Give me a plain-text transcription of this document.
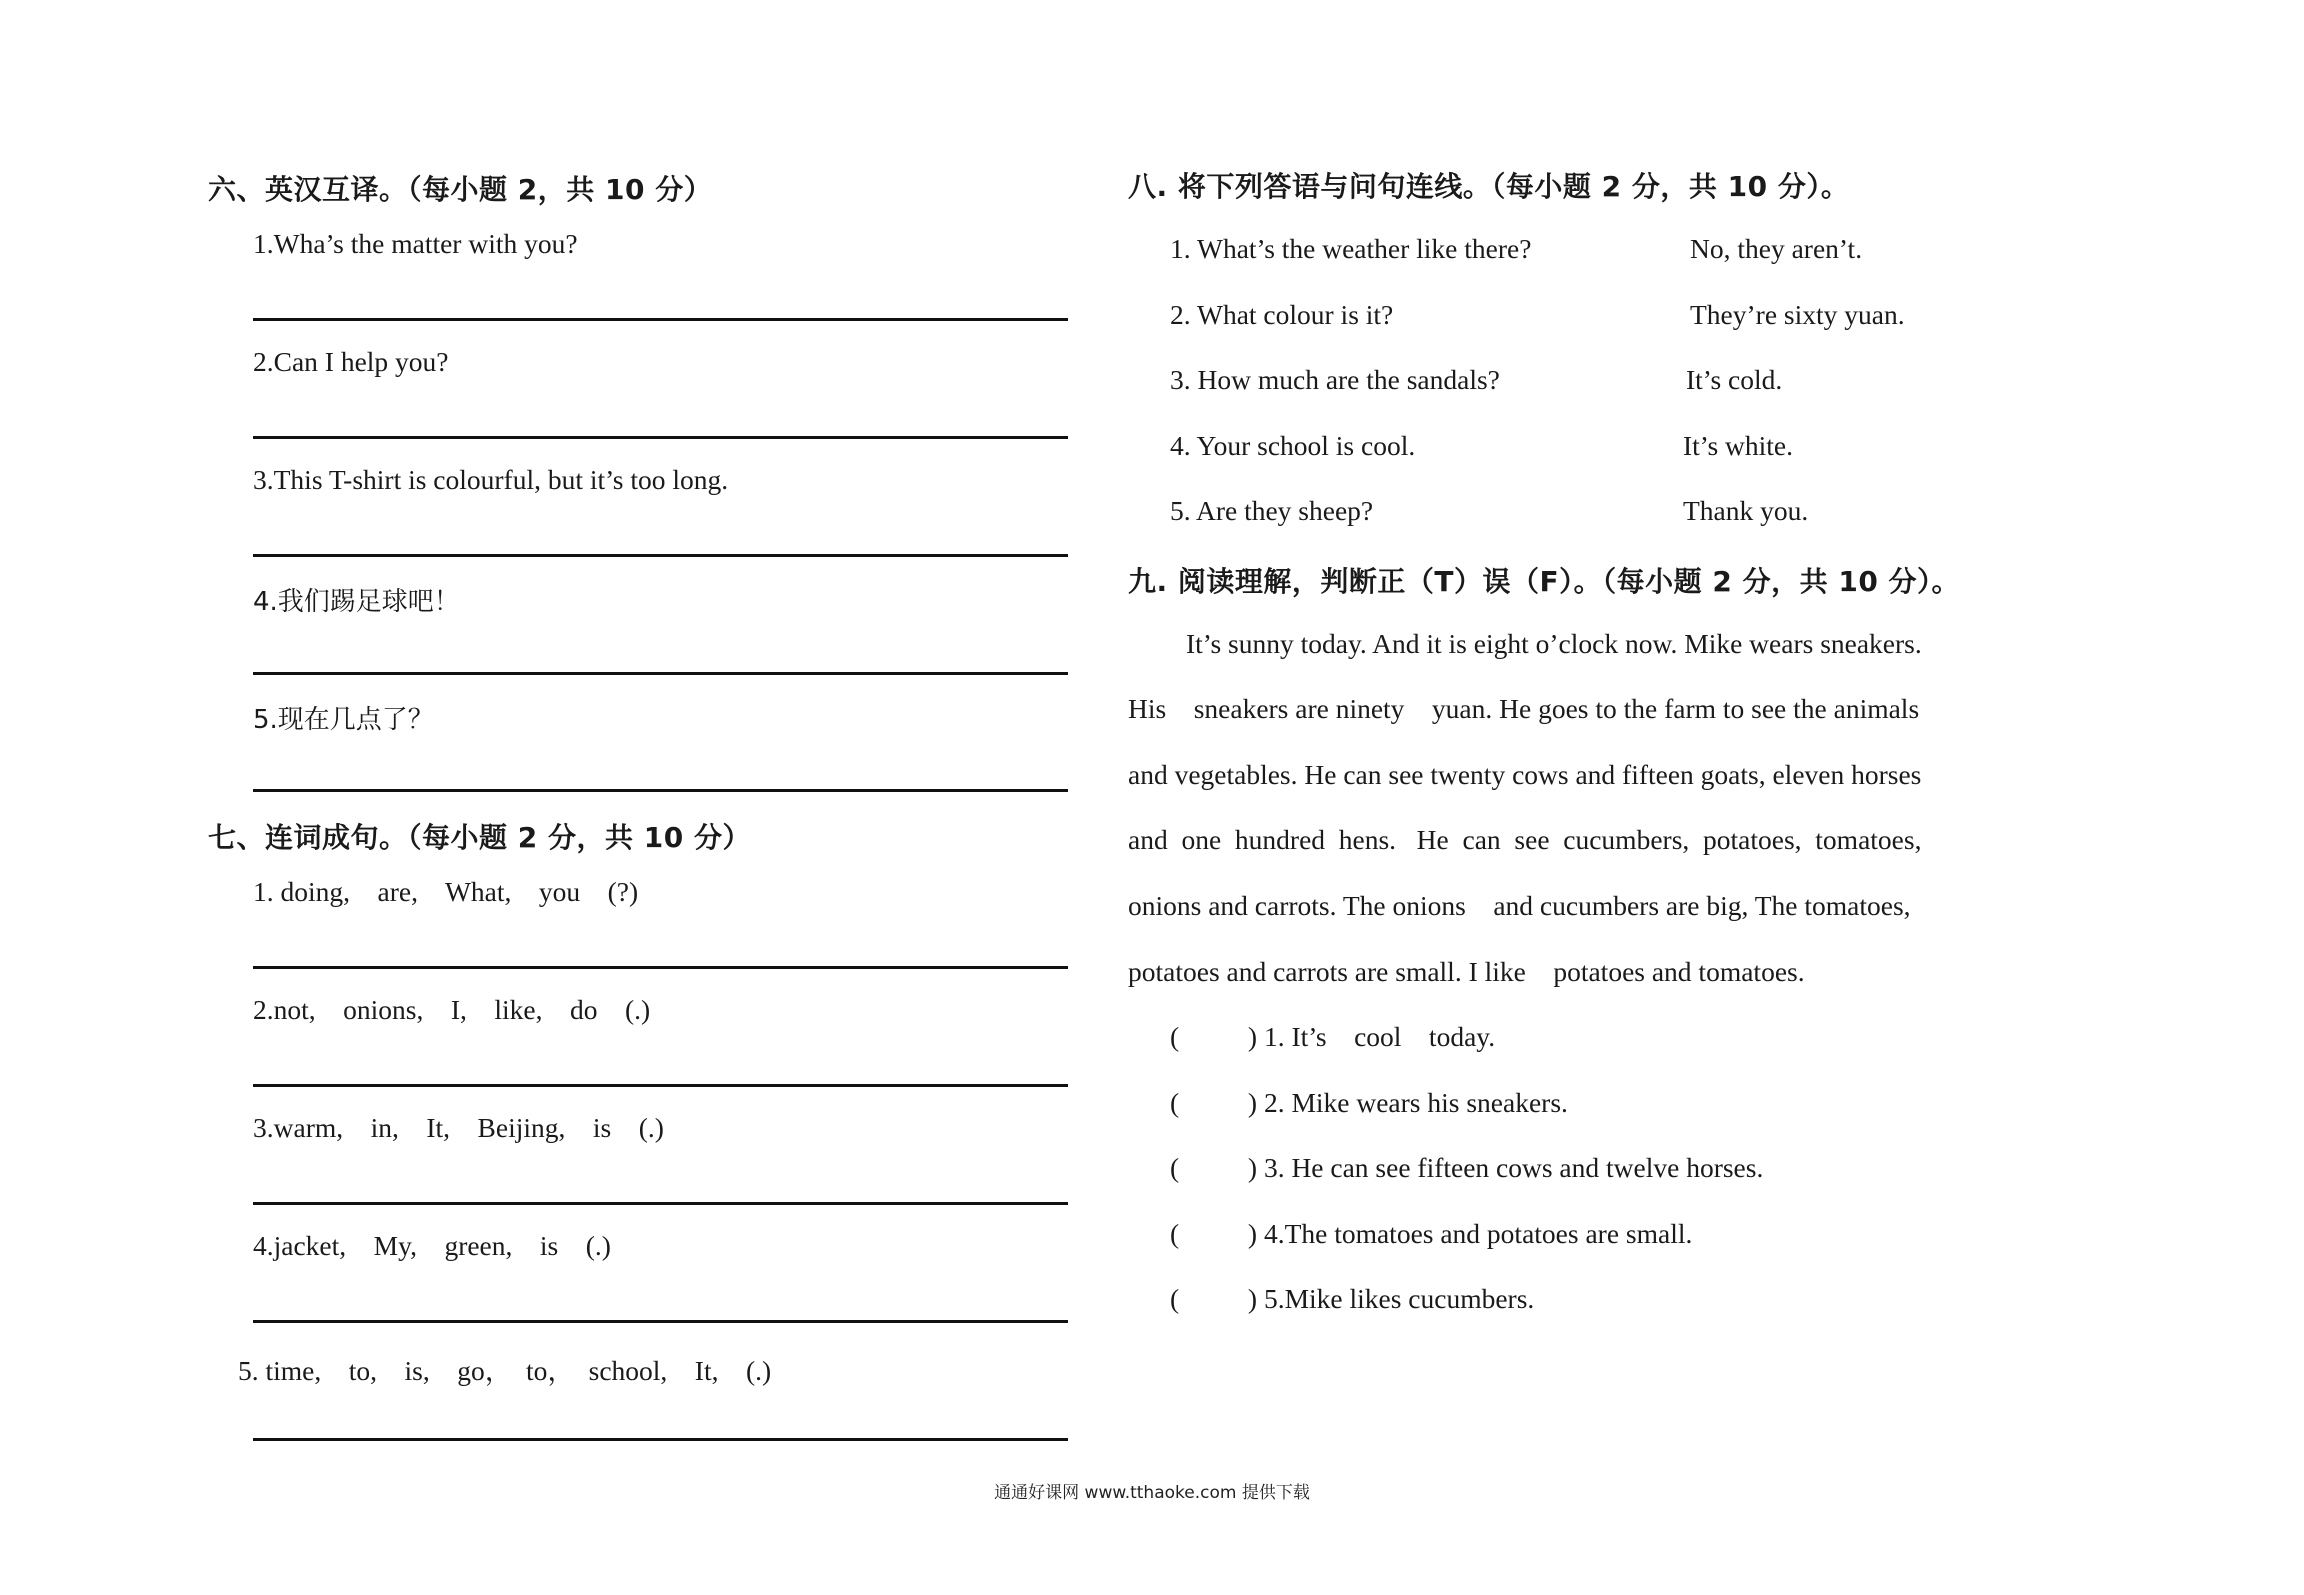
六、英汉互译。（每小题 2，共 10 分）
1.Wha’s the matter with you?
2.Can I help you?
3.This T-shirt is colourful, but it’s too long.
4.我们踢足球吧！
5.现在几点了？
七、连词成句。（每小题 2 分，共 10 分）
1. doing,    are,    What,    you    (?)
2.not,    onions,    I,    like,    do    (.)
3.warm,    in,    It,    Beijing,    is    (.)
4.jacket,    My,    green,    is    (.)
5. time,    to,    is,    go，  to，  school,    It,    (.)
八. 将下列答语与问句连线。（每小题 2 分，共 10 分）。
1. What’s the weather like there?	No, they aren’t.
2. What colour is it?	They’re sixty yuan.
3. How much are the sandals?	It’s cold.
4. Your school is cool.	It’s white.
5. Are they sheep?	Thank you.
九. 阅读理解，判断正（T）误（F）。（每小题 2 分，共 10 分）。
It’s sunny today. And it is eight o’clock now. Mike wears sneakers.
His    sneakers are ninety    yuan. He goes to the farm to see the animals
and vegetables. He can see twenty cows and fifteen goats, eleven horses
and  one  hundred  hens.   He  can  see  cucumbers,  potatoes,  tomatoes,
onions and carrots. The onions    and cucumbers are big, The tomatoes,
potatoes and carrots are small. I like    potatoes and tomatoes.
(          ) 1. It’s    cool    today.
(          ) 2. Mike wears his sneakers.
(          ) 3. He can see fifteen cows and twelve horses.
(          ) 4.The tomatoes and potatoes are small.
(          ) 5.Mike likes cucumbers.
通通好课网 www.tthaoke.com 提供下载
